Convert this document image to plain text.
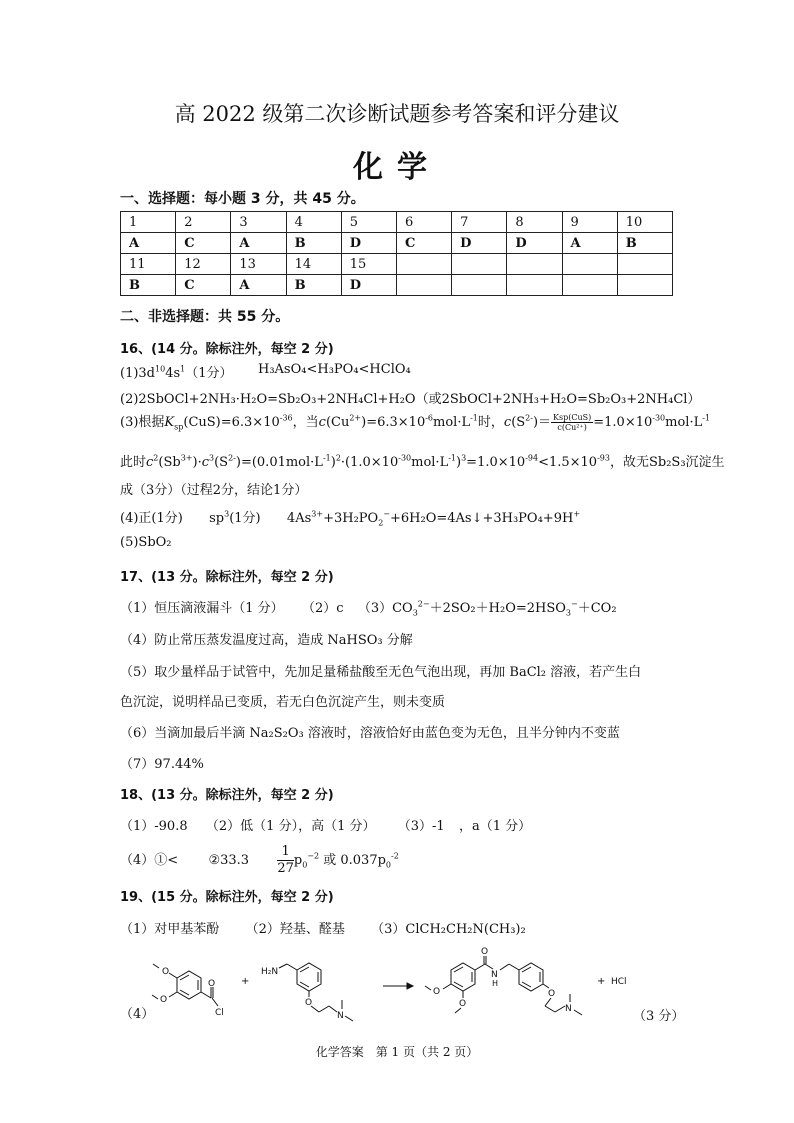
高 2022 级第二次诊断试题参考答案和评分建议
化学
一、选择题：每小题 3 分，共 45 分。
1	2	3	4	5	6	7	8	9	10
A	C	A	B	D	C	D	D	A	B
11	12	13	14	15					
B	C	A	B	D					
二、非选择题：共 55 分。
16、(14 分。除标注外，每空 2 分)
$(1)3d^{10}4s^1(1$分） H₃AsO₄<H₃PO₄<HClO₄
(2)2SbOCl+2NH₃·H₂O=Sb₂O₃+2NH₄Cl+H₂O（或2SbOCl+2NH₃+H₂O=Sb₂O₃+2NH₄Cl）
(3)根据$K_{sp}(CuS)=6.3\times 10^{-36}$，当$c(Cu^{2+})=6.3\times 10^{-6}mol\cdot L^{-1}$时，$c(S^{2-})= \frac{\text{Ksp(CuS)}}{\text{c(Cu²⁺)}} =1.0\times 10^{-30}mol\cdot L^{-1}$
此时$c^2(Sb^{3+})\cdot c^3(S^{2-})=(0.01mol\cdot L^{-1})^2\cdot(1.0\times 10^{-30}mol\cdot L^{-1})^3=1.0\times 10^{-94}<1.5\times 10^{-93}$，故无Sb₂S₃沉淀生
成（3分）（过程2分，结论1分）
(4)正(1分) $sp^3(1$分) $4As^{3+}+3H_2PO_2^-+6H_2O=4As↓+3H_3PO_4+9H^+$
(5)SbO₂
17、(13 分。除标注外，每空 2 分)
（1）恒压滴液漏斗（1 分） （2）c $(3)CO_3^{2-}+2SO_2+H_2O=2HSO_3^-+CO_2$
（4）防止常压蒸发温度过高，造成 NaHSO₃ 分解
（5）取少量样品于试管中，先加足量稀盐酸至无色气泡出现，再加 BaCl₂ 溶液，若产生白
色沉淀，说明样品已变质，若无白色沉淀产生，则未变质
（6）当滴加最后半滴 Na₂S₂O₃ 溶液时，溶液恰好由蓝色变为无色，且半分钟内不变蓝
（7）97.44%
18、(13 分。除标注外，每空 2 分)
（1）-90.8 （2）低（1 分），高（1 分） （3）-1 ，a（1 分）
（4）①< ②33.3 $\frac{1}{27} p_0^{-2}$ 或 $0.037p_0^{-2}$
19、(15 分。除标注外，每空 2 分)
（1）对甲基苯酚 （2）羟基、醛基 （3）ClCH₂CH₂N(CH₃)₂
（4）	（3 分）
O
O
O
Cl
+
H₂N
O
N
O
O
O
N
H
O
N
+ HCl
化学答案　第 1 页（共 2 页）
